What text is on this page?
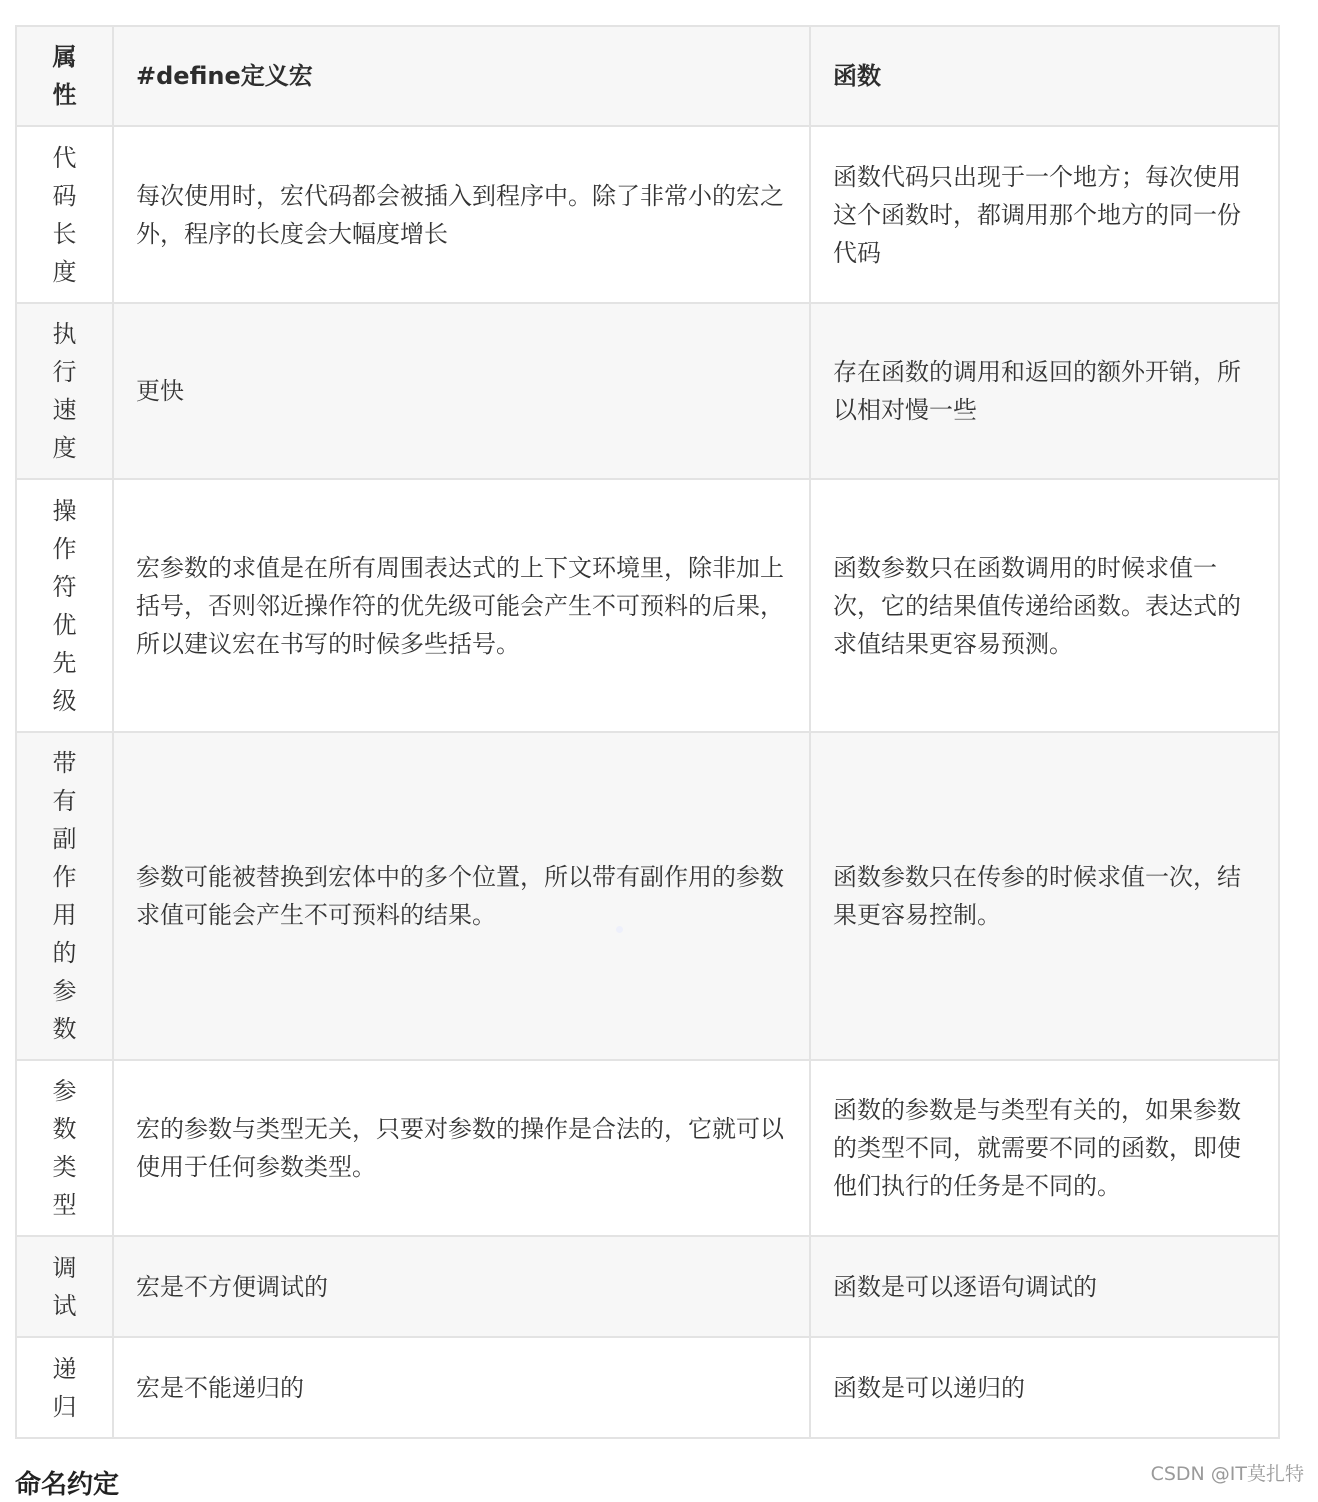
属性	#define定义宏	函数
代码长度	每次使用时，宏代码都会被插入到程序中。除了非常小的宏之外，程序的长度会大幅度增长	函数代码只出现于一个地方；每次使用这个函数时，都调用那个地方的同一份代码
执行速度	更快	存在函数的调用和返回的额外开销，所以相对慢一些
操作符优先级	宏参数的求值是在所有周围表达式的上下文环境里，除非加上括号，否则邻近操作符的优先级可能会产生不可预料的后果，所以建议宏在书写的时候多些括号。	函数参数只在函数调用的时候求值一次，它的结果值传递给函数。表达式的求值结果更容易预测。
带有副作用的参数	参数可能被替换到宏体中的多个位置，所以带有副作用的参数求值可能会产生不可预料的结果。	函数参数只在传参的时候求值一次，结果更容易控制。
参数类型	宏的参数与类型无关，只要对参数的操作是合法的，它就可以使用于任何参数类型。	函数的参数是与类型有关的，如果参数的类型不同，就需要不同的函数，即使他们执行的任务是不同的。
调试	宏是不方便调试的	函数是可以逐语句调试的
递归	宏是不能递归的	函数是可以递归的
命名约定	CSDN @IT莫扎特
